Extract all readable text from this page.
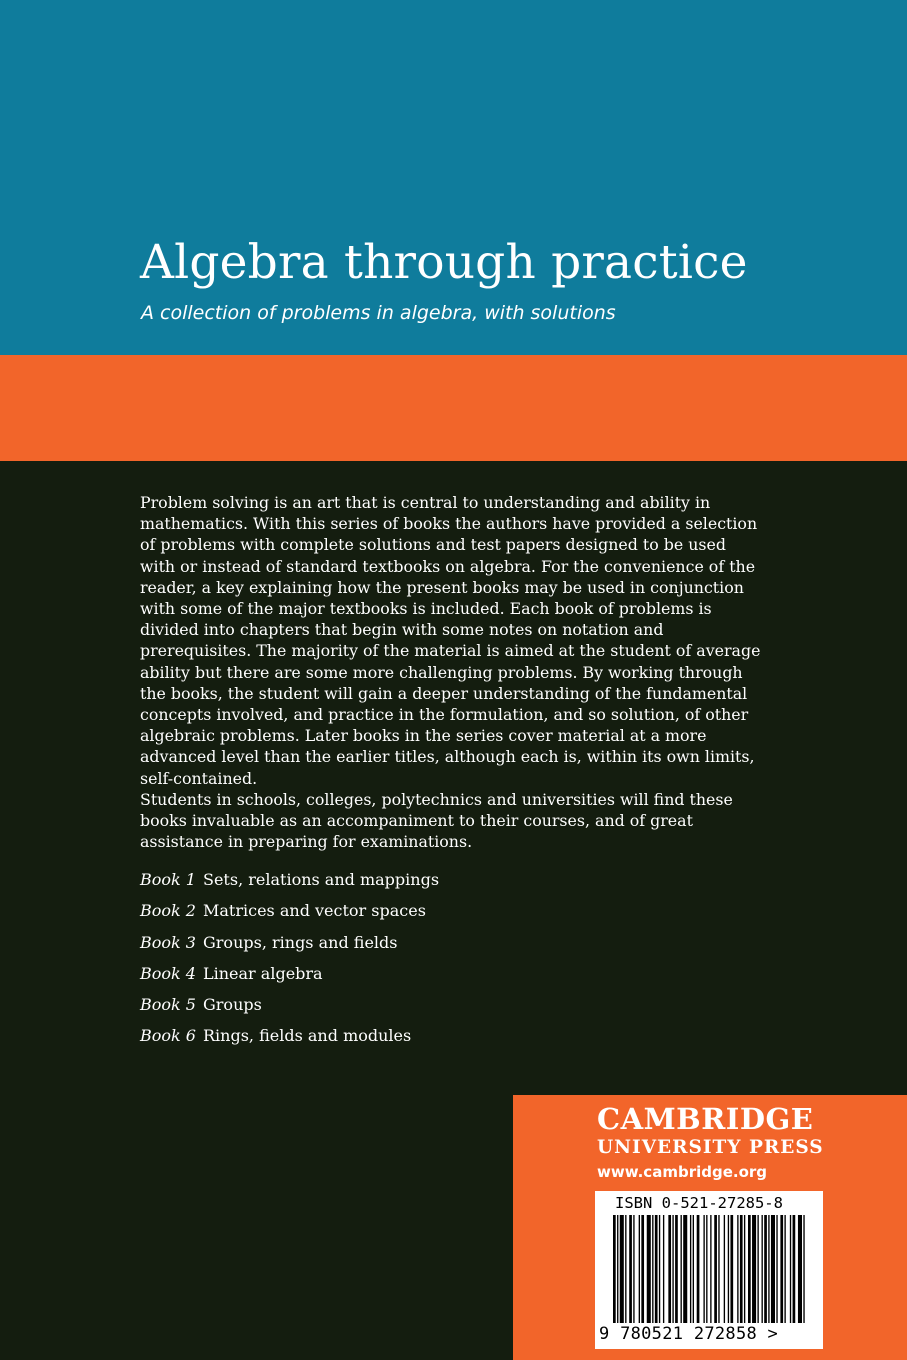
Algebra through practice

A collection of problems in algebra, with solutions

Problem solving is an art that is central to understanding and ability in

mathematics. With this series of books the authors have provided a selection

of problems with complete solutions and test papers designed to be used

with or instead of standard textbooks on algebra. For the convenience of the

reader, a key explaining how the present books may be used in conjunction

with some of the major textbooks is included. Each book of problems is

divided into chapters that begin with some notes on notation and

prerequisites. The majority of the material is aimed at the student of average

ability but there are some more challenging problems. By working through

the books, the student will gain a deeper understanding of the fundamental

concepts involved, and practice in the formulation, and so solution, of other

algebraic problems. Later books in the series cover material at a more

advanced level than the earlier titles, although each is, within its own limits,

self-contained.

Students in schools, colleges, polytechnics and universities will find these

books invaluable as an accompaniment to their courses, and of great

assistance in preparing for examinations.

Book 1 Sets, relations and mappings
Book 2 Matrices and vector spaces
Book 3 Groups, rings and fields
Book 4 Linear algebra
Book 5 Groups
Book 6 Rings, fields and modules
CAMBRIDGE
UNIVERSITY PRESS
www.cambridge.org
ISBN 0-521-27285-8
9 780521 272858 >
